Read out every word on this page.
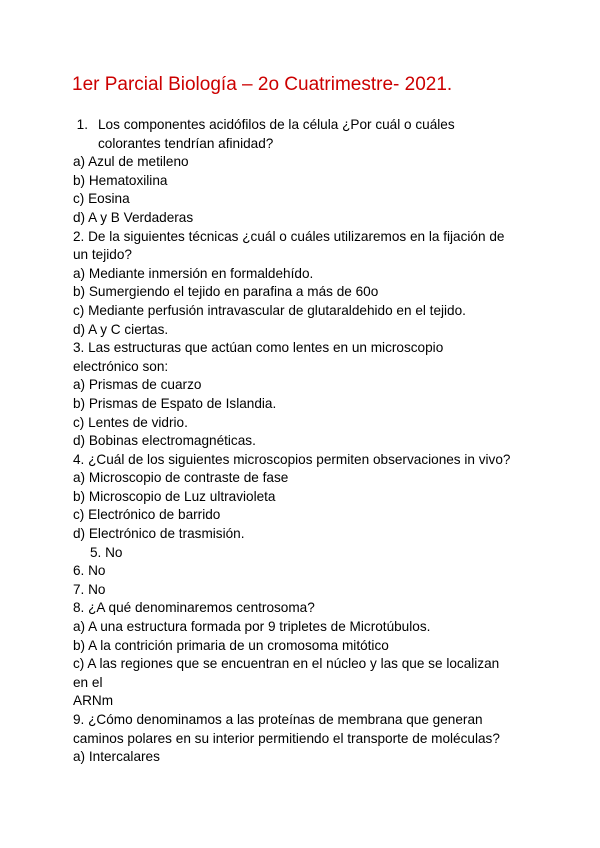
1er Parcial Biología – 2o Cuatrimestre- 2021.
1. Los componentes acidófilos de la célula ¿Por cuál o cuáles colorantes tendrían afinidad?
a) Azul de metileno
b) Hematoxilina
c) Eosina
d) A y B Verdaderas
2. De la siguientes técnicas ¿cuál o cuáles utilizaremos en la fijación de
un tejido?
a) Mediante inmersión en formaldehído.
b) Sumergiendo el tejido en parafina a más de 60o
c) Mediante perfusión intravascular de glutaraldehido en el tejido.
d) A y C ciertas.
3. Las estructuras que actúan como lentes en un microscopio
electrónico son:
a) Prismas de cuarzo
b) Prismas de Espato de Islandia.
c) Lentes de vidrio.
d) Bobinas electromagnéticas.
4. ¿Cuál de los siguientes microscopios permiten observaciones in vivo?
a) Microscopio de contraste de fase
b) Microscopio de Luz ultravioleta
c) Electrónico de barrido
d) Electrónico de trasmisión.
5. No
6. No
7. No
8. ¿A qué denominaremos centrosoma?
a) A una estructura formada por 9 tripletes de Microtúbulos.
b) A la contrición primaria de un cromosoma mitótico
c) A las regiones que se encuentran en el núcleo y las que se localizan
en el
ARNm
9. ¿Cómo denominamos a las proteínas de membrana que generan
caminos polares en su interior permitiendo el transporte de moléculas?
a) Intercalares
